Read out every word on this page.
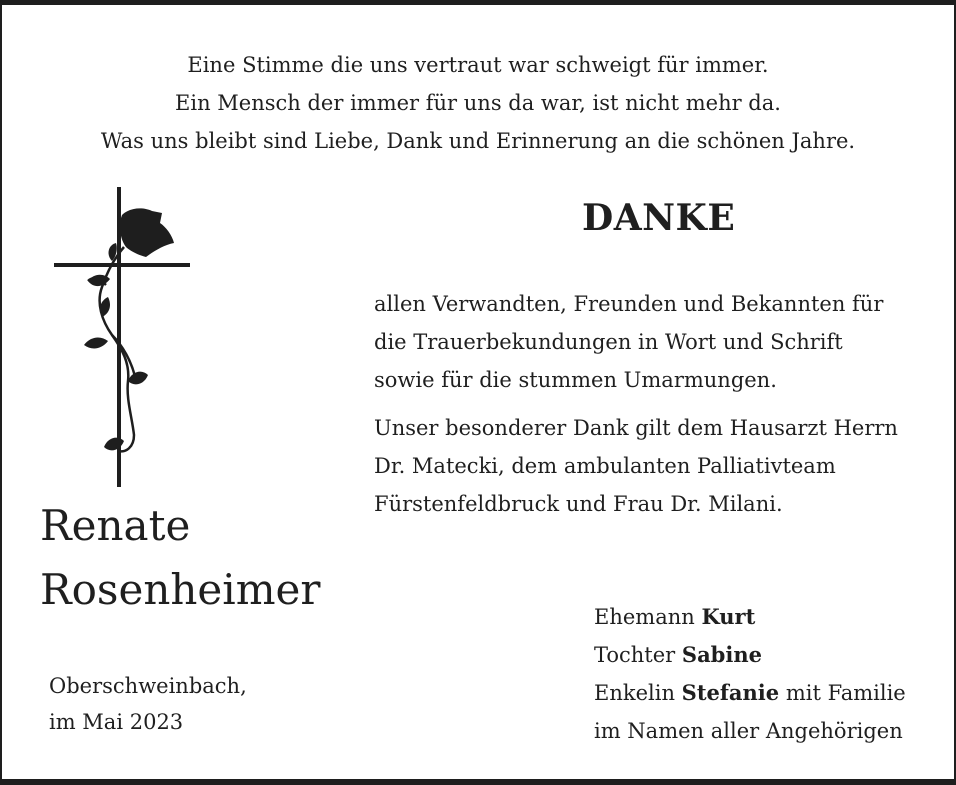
Eine Stimme die uns vertraut war schweigt für immer.
Ein Mensch der immer für uns da war, ist nicht mehr da.
Was uns bleibt sind Liebe, Dank und Erinnerung an die schönen Jahre.
DANKE
allen Verwandten, Freunden und Bekannten für
die Trauerbekundungen in Wort und Schrift
sowie für die stummen Umarmungen.
Unser besonderer Dank gilt dem Hausarzt Herrn
Dr. Matecki, dem ambulanten Palliativteam
Fürstenfeldbruck und Frau Dr. Milani.
Renate
Rosenheimer
Oberschweinbach,
im Mai 2023
Ehemann Kurt
Tochter Sabine
Enkelin Stefanie mit Familie
im Namen aller Angehörigen
